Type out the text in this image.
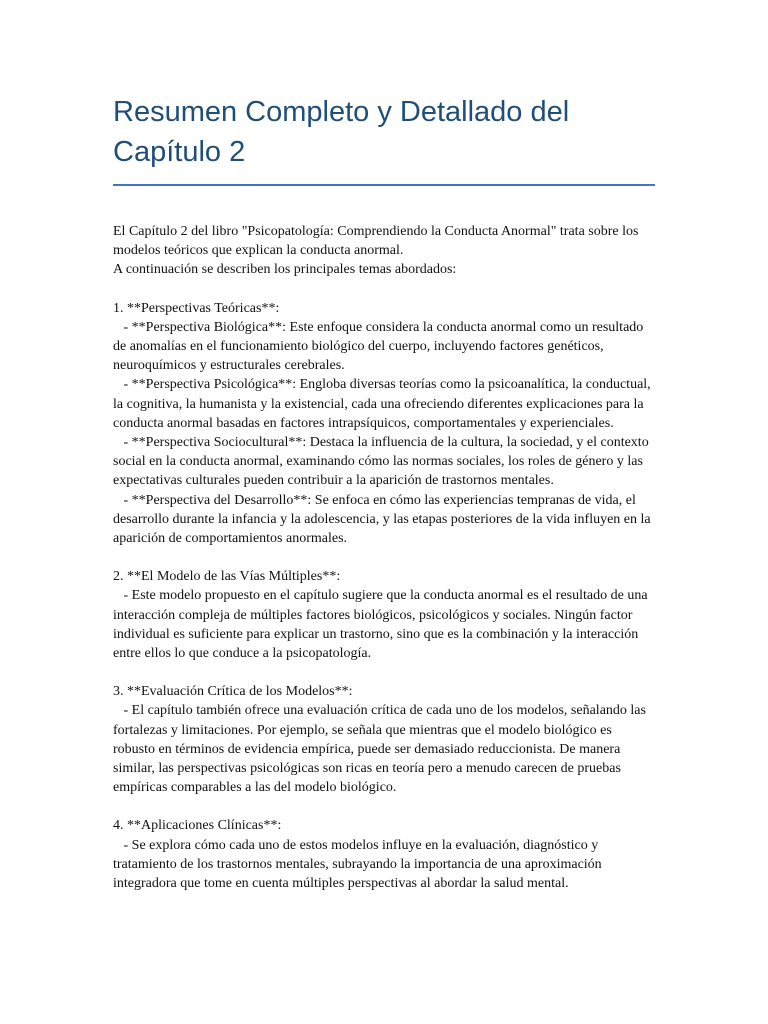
Resumen Completo y Detallado del Capítulo 2
El Capítulo 2 del libro "Psicopatología: Comprendiendo la Conducta Anormal" trata sobre los modelos teóricos que explican la conducta anormal.
A continuación se describen los principales temas abordados:
1. **Perspectivas Teóricas**:
- **Perspectiva Biológica**: Este enfoque considera la conducta anormal como un resultado de anomalías en el funcionamiento biológico del cuerpo, incluyendo factores genéticos, neuroquímicos y estructurales cerebrales.
- **Perspectiva Psicológica**: Engloba diversas teorías como la psicoanalítica, la conductual, la cognitiva, la humanista y la existencial, cada una ofreciendo diferentes explicaciones para la conducta anormal basadas en factores intrapsíquicos, comportamentales y experienciales.
- **Perspectiva Sociocultural**: Destaca la influencia de la cultura, la sociedad, y el contexto social en la conducta anormal, examinando cómo las normas sociales, los roles de género y las expectativas culturales pueden contribuir a la aparición de trastornos mentales.
- **Perspectiva del Desarrollo**: Se enfoca en cómo las experiencias tempranas de vida, el desarrollo durante la infancia y la adolescencia, y las etapas posteriores de la vida influyen en la aparición de comportamientos anormales.
2. **El Modelo de las Vías Múltiples**:
- Este modelo propuesto en el capítulo sugiere que la conducta anormal es el resultado de una interacción compleja de múltiples factores biológicos, psicológicos y sociales. Ningún factor individual es suficiente para explicar un trastorno, sino que es la combinación y la interacción entre ellos lo que conduce a la psicopatología.
3. **Evaluación Crítica de los Modelos**:
- El capítulo también ofrece una evaluación crítica de cada uno de los modelos, señalando las fortalezas y limitaciones. Por ejemplo, se señala que mientras que el modelo biológico es robusto en términos de evidencia empírica, puede ser demasiado reduccionista. De manera similar, las perspectivas psicológicas son ricas en teoría pero a menudo carecen de pruebas empíricas comparables a las del modelo biológico.
4. **Aplicaciones Clínicas**:
- Se explora cómo cada uno de estos modelos influye en la evaluación, diagnóstico y tratamiento de los trastornos mentales, subrayando la importancia de una aproximación integradora que tome en cuenta múltiples perspectivas al abordar la salud mental.
